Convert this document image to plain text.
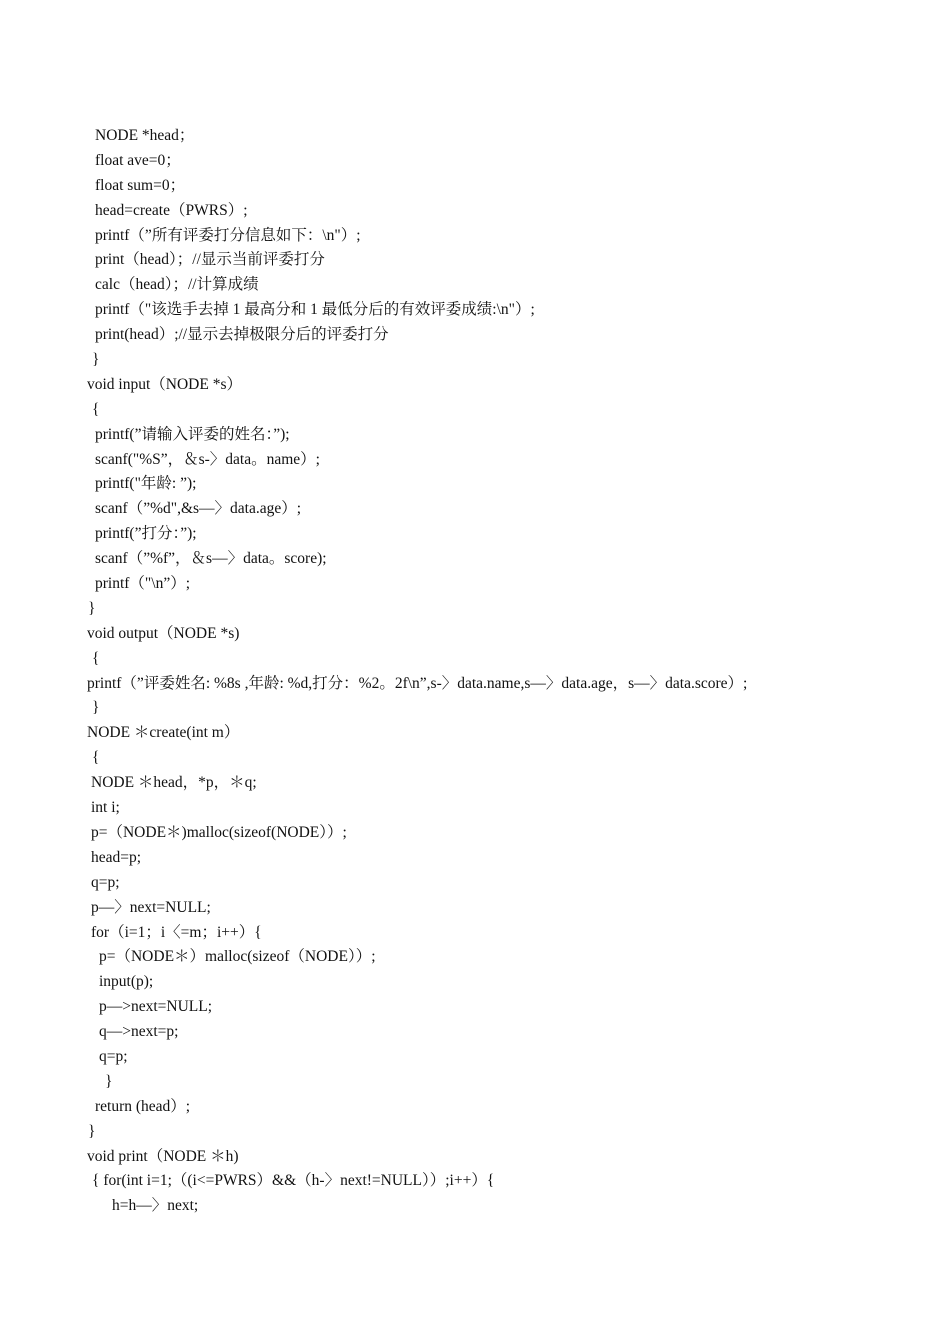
NODE *head；
float ave=0；
float sum=0；
head=create（PWRS）;
printf（”所有评委打分信息如下：\n"）;
print（head）；//显示当前评委打分
calc（head）；//计算成绩
printf（"该选手去掉 1 最高分和 1 最低分后的有效评委成绩:\n"）;
print(head）;//显示去掉极限分后的评委打分
}
void input（NODE *s）
{
printf(”请输入评委的姓名：”);
scanf("%S”，＆s-〉data。name）;
printf("年龄: ”);
scanf（”%d",&s—〉data.age）;
printf(”打分：”);
scanf（”%f”，＆s—〉data。score);
printf（"\n”）;
}
void output（NODE *s)
{
printf（”评委姓名: %8s ,年龄: %d,打分：%2。2f\n”,s-〉data.name,s—〉data.age，s—〉data.score）;
}
NODE ＊create(int m）
{
NODE ＊head，*p，＊q;
int i;
p=（NODE＊)malloc(sizeof(NODE））;
head=p;
q=p;
p—〉next=NULL;
for（i=1；i〈=m；i++）{
p=（NODE＊）malloc(sizeof（NODE））;
input(p);
p—>next=NULL;
q—>next=p;
q=p;
}
return (head）;
}
void print（NODE ＊h)
{ for(int i=1;（(i<=PWRS）&&（h-〉next!=NULL））;i++）{
h=h—〉next;
